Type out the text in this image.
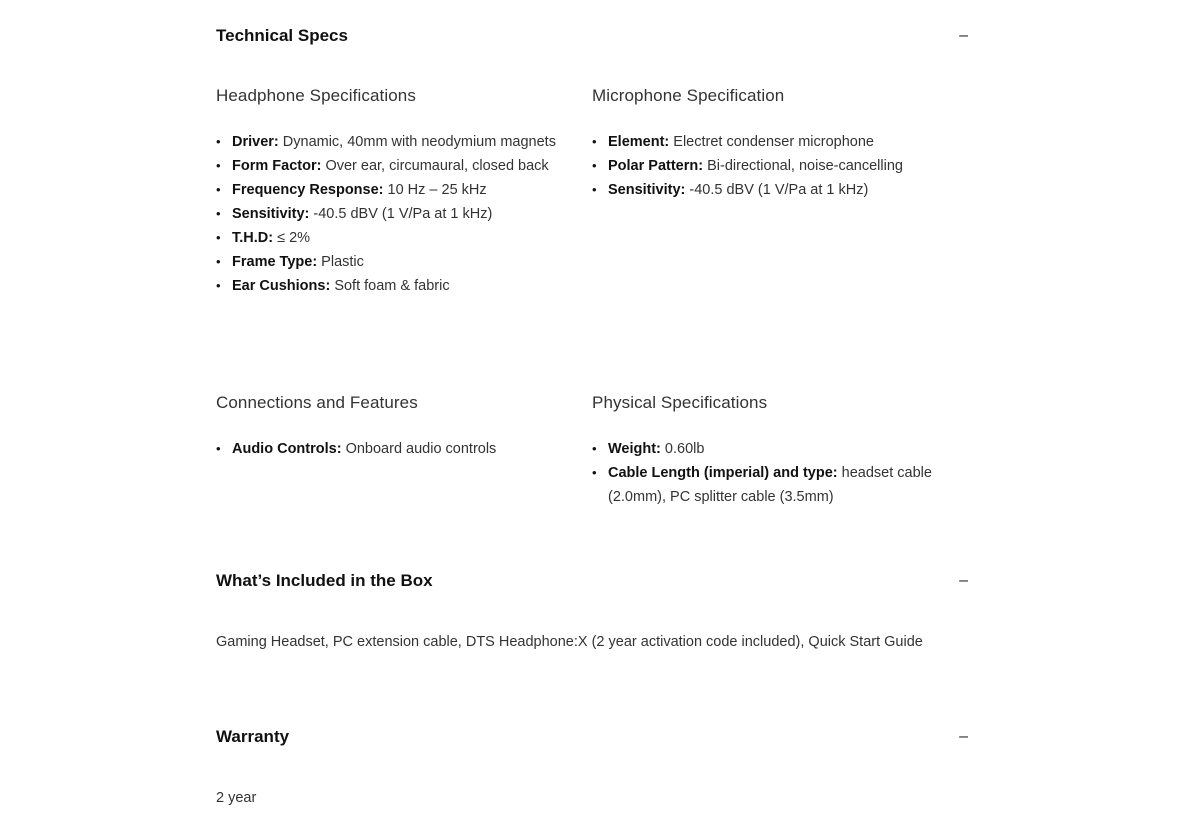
Technical Specs	–
Headphone Specifications
• Driver: Dynamic, 40mm with neodymium magnets
• Form Factor: Over ear, circumaural, closed back
• Frequency Response: 10 Hz – 25 kHz
• Sensitivity: -40.5 dBV (1 V/Pa at 1 kHz)
• T.H.D: ≤ 2%
• Frame Type: Plastic
• Ear Cushions: Soft foam & fabric
Microphone Specification
• Element: Electret condenser microphone
• Polar Pattern: Bi-directional, noise-cancelling
• Sensitivity: -40.5 dBV (1 V/Pa at 1 kHz)
Connections and Features
• Audio Controls: Onboard audio controls
Physical Specifications
• Weight: 0.60lb
• Cable Length (imperial) and type: headset cable (2.0mm), PC splitter cable (3.5mm)
What’s Included in the Box	–
Gaming Headset, PC extension cable, DTS Headphone:X (2 year activation code included), Quick Start Guide
Warranty	–
2 year
